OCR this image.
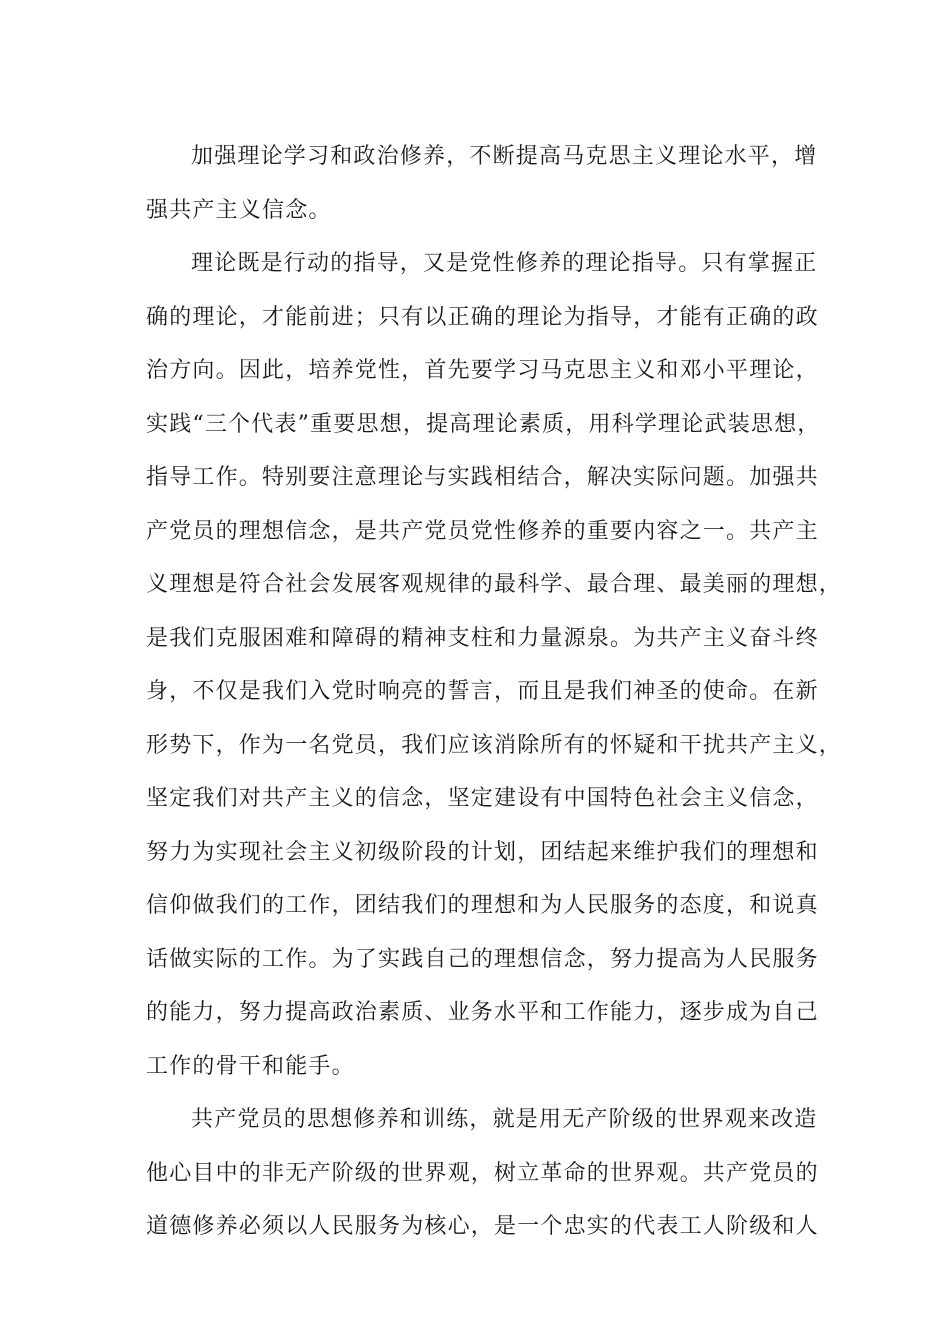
加强理论学习和政治修养，不断提高马克思主义理论水平，增
强共产主义信念。
理论既是行动的指导，又是党性修养的理论指导。只有掌握正
确的理论，才能前进；只有以正确的理论为指导，才能有正确的政
治方向。因此，培养党性，首先要学习马克思主义和邓小平理论，
实践“三个代表”重要思想，提高理论素质，用科学理论武装思想，
指导工作。特别要注意理论与实践相结合，解决实际问题。加强共
产党员的理想信念，是共产党员党性修养的重要内容之一。共产主
义理想是符合社会发展客观规律的最科学、最合理、最美丽的理想，
是我们克服困难和障碍的精神支柱和力量源泉。为共产主义奋斗终
身，不仅是我们入党时响亮的誓言，而且是我们神圣的使命。在新
形势下，作为一名党员，我们应该消除所有的怀疑和干扰共产主义，
坚定我们对共产主义的信念，坚定建设有中国特色社会主义信念，
努力为实现社会主义初级阶段的计划，团结起来维护我们的理想和
信仰做我们的工作，团结我们的理想和为人民服务的态度，和说真
话做实际的工作。为了实践自己的理想信念，努力提高为人民服务
的能力，努力提高政治素质、业务水平和工作能力，逐步成为自己
工作的骨干和能手。
共产党员的思想修养和训练，就是用无产阶级的世界观来改造
他心目中的非无产阶级的世界观，树立革命的世界观。共产党员的
道德修养必须以人民服务为核心，是一个忠实的代表工人阶级和人
